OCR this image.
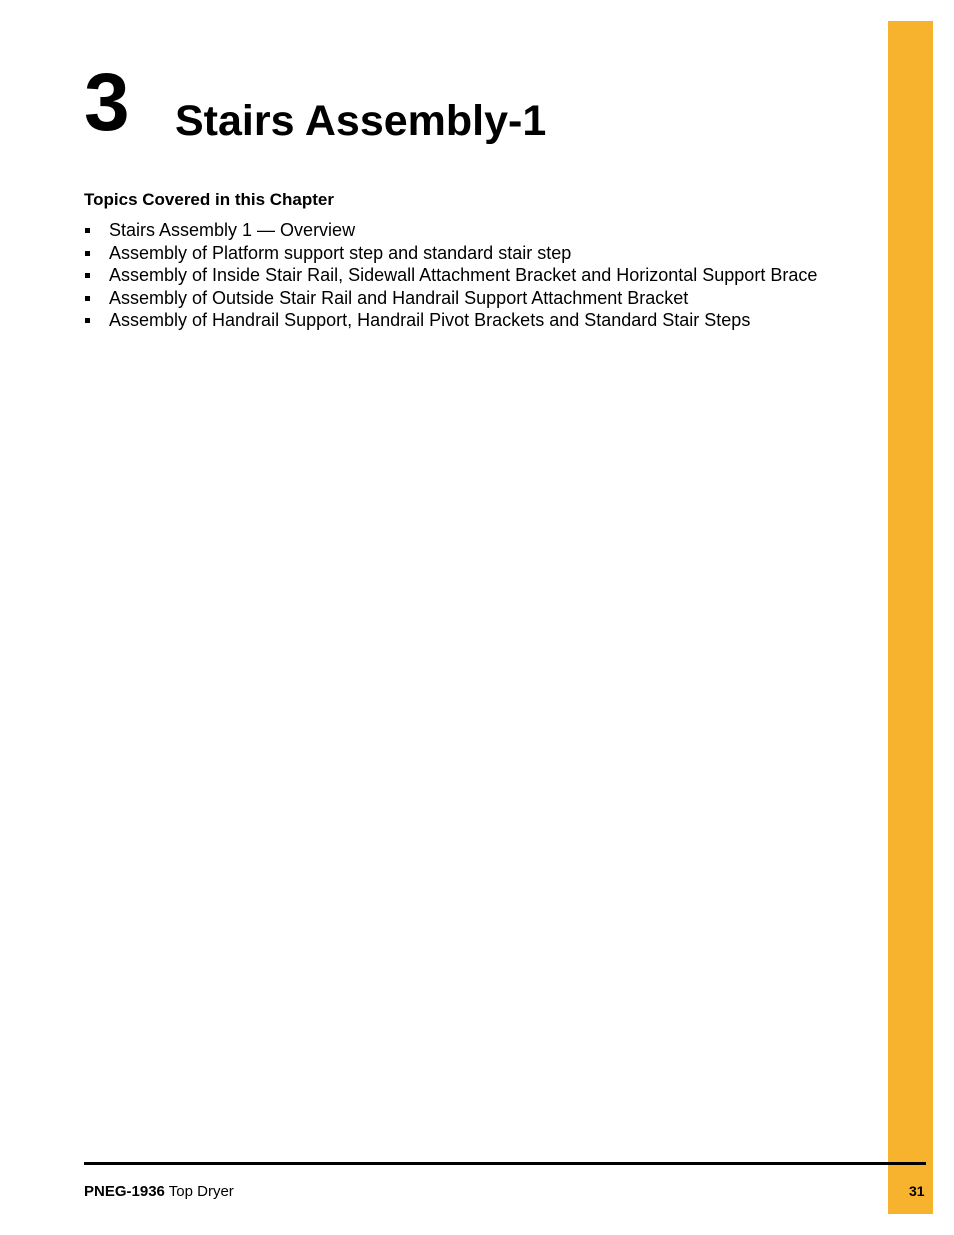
3 Stairs Assembly-1
Topics Covered in this Chapter
Stairs Assembly 1 — Overview
Assembly of Platform support step and standard stair step
Assembly of Inside Stair Rail, Sidewall Attachment Bracket and Horizontal Support Brace
Assembly of Outside Stair Rail and Handrail Support Attachment Bracket
Assembly of Handrail Support, Handrail Pivot Brackets and Standard Stair Steps
PNEG-1936 Top Dryer	31
